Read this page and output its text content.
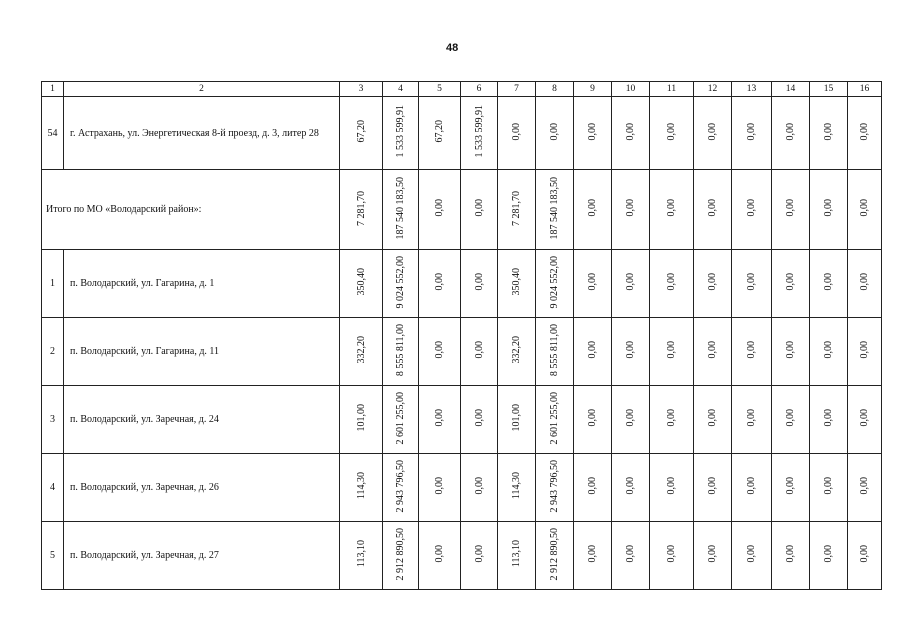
48
1	2	3	4	5	6	7	8	9	10	11	12	13	14	15	16
54	г. Астрахань, ул. Энергетическая 8-й проезд, д. 3, литер 28	67,20	1 533 599,91	67,20	1 533 599,91	0,00	0,00	0,00	0,00	0,00	0,00	0,00	0,00	0,00	0,00
Итого по МО «Володарский район»:		7 281,70	187 540 183,50	0,00	0,00	7 281,70	187 540 183,50	0,00	0,00	0,00	0,00	0,00	0,00	0,00	0,00
1	п. Володарский, ул. Гагарина, д. 1	350,40	9 024 552,00	0,00	0,00	350,40	9 024 552,00	0,00	0,00	0,00	0,00	0,00	0,00	0,00	0,00
2	п. Володарский, ул. Гагарина, д. 11	332,20	8 555 811,00	0,00	0,00	332,20	8 555 811,00	0,00	0,00	0,00	0,00	0,00	0,00	0,00	0,00
3	п. Володарский, ул. Заречная, д. 24	101,00	2 601 255,00	0,00	0,00	101,00	2 601 255,00	0,00	0,00	0,00	0,00	0,00	0,00	0,00	0,00
4	п. Володарский, ул. Заречная, д. 26	114,30	2 943 796,50	0,00	0,00	114,30	2 943 796,50	0,00	0,00	0,00	0,00	0,00	0,00	0,00	0,00
5	п. Володарский, ул. Заречная, д. 27	113,10	2 912 890,50	0,00	0,00	113,10	2 912 890,50	0,00	0,00	0,00	0,00	0,00	0,00	0,00	0,00
